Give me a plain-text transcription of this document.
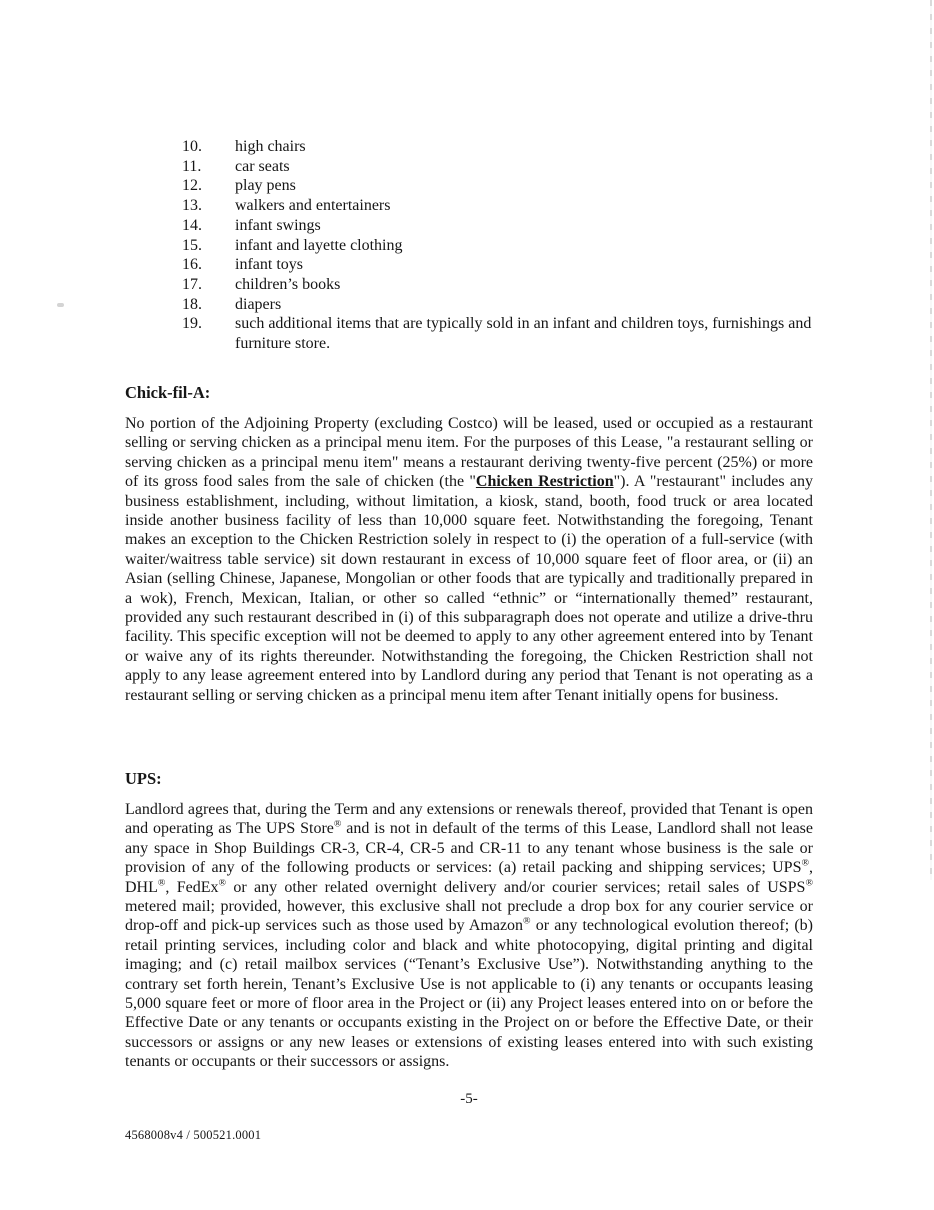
10.	high chairs
11.	car seats
12.	play pens
13.	walkers and entertainers
14.	infant swings
15.	infant and layette clothing
16.	infant toys
17.	children’s books
18.	diapers
19.	such additional items that are typically sold in an infant and children toys, furnishings and furniture store.
Chick-fil-A:

No portion of the Adjoining Property (excluding Costco) will be leased, used or occupied as a restaurant selling or serving chicken as a principal menu item. For the purposes of this Lease, "a restaurant selling or serving chicken as a principal menu item" means a restaurant deriving twenty-five percent (25%) or more of its gross food sales from the sale of chicken (the "Chicken Restriction"). A "restaurant" includes any business establishment, including, without limitation, a kiosk, stand, booth, food truck or area located inside another business facility of less than 10,000 square feet. Notwithstanding the foregoing, Tenant makes an exception to the Chicken Restriction solely in respect to (i) the operation of a full-service (with waiter/waitress table service) sit down restaurant in excess of 10,000 square feet of floor area, or (ii) an Asian (selling Chinese, Japanese, Mongolian or other foods that are typically and traditionally prepared in a wok), French, Mexican, Italian, or other so called “ethnic” or “internationally themed” restaurant, provided any such restaurant described in (i) of this subparagraph does not operate and utilize a drive-thru facility. This specific exception will not be deemed to apply to any other agreement entered into by Tenant or waive any of its rights thereunder. Notwithstanding the foregoing, the Chicken Restriction shall not apply to any lease agreement entered into by Landlord during any period that Tenant is not operating as a restaurant selling or serving chicken as a principal menu item after Tenant initially opens for business.

UPS:

Landlord agrees that, during the Term and any extensions or renewals thereof, provided that Tenant is open and operating as The UPS Store® and is not in default of the terms of this Lease, Landlord shall not lease any space in Shop Buildings CR-3, CR-4, CR-5 and CR-11 to any tenant whose business is the sale or provision of any of the following products or services: (a) retail packing and shipping services; UPS®, DHL®, FedEx® or any other related overnight delivery and/or courier services; retail sales of USPS® metered mail; provided, however, this exclusive shall not preclude a drop box for any courier service or drop-off and pick-up services such as those used by Amazon® or any technological evolution thereof; (b) retail printing services, including color and black and white photocopying, digital printing and digital imaging; and (c) retail mailbox services (“Tenant’s Exclusive Use”). Notwithstanding anything to the contrary set forth herein, Tenant’s Exclusive Use is not applicable to (i) any tenants or occupants leasing 5,000 square feet or more of floor area in the Project or (ii) any Project leases entered into on or before the Effective Date or any tenants or occupants existing in the Project on or before the Effective Date, or their successors or assigns or any new leases or extensions of existing leases entered into with such existing tenants or occupants or their successors or assigns.

-5-
4568008v4 / 500521.0001
